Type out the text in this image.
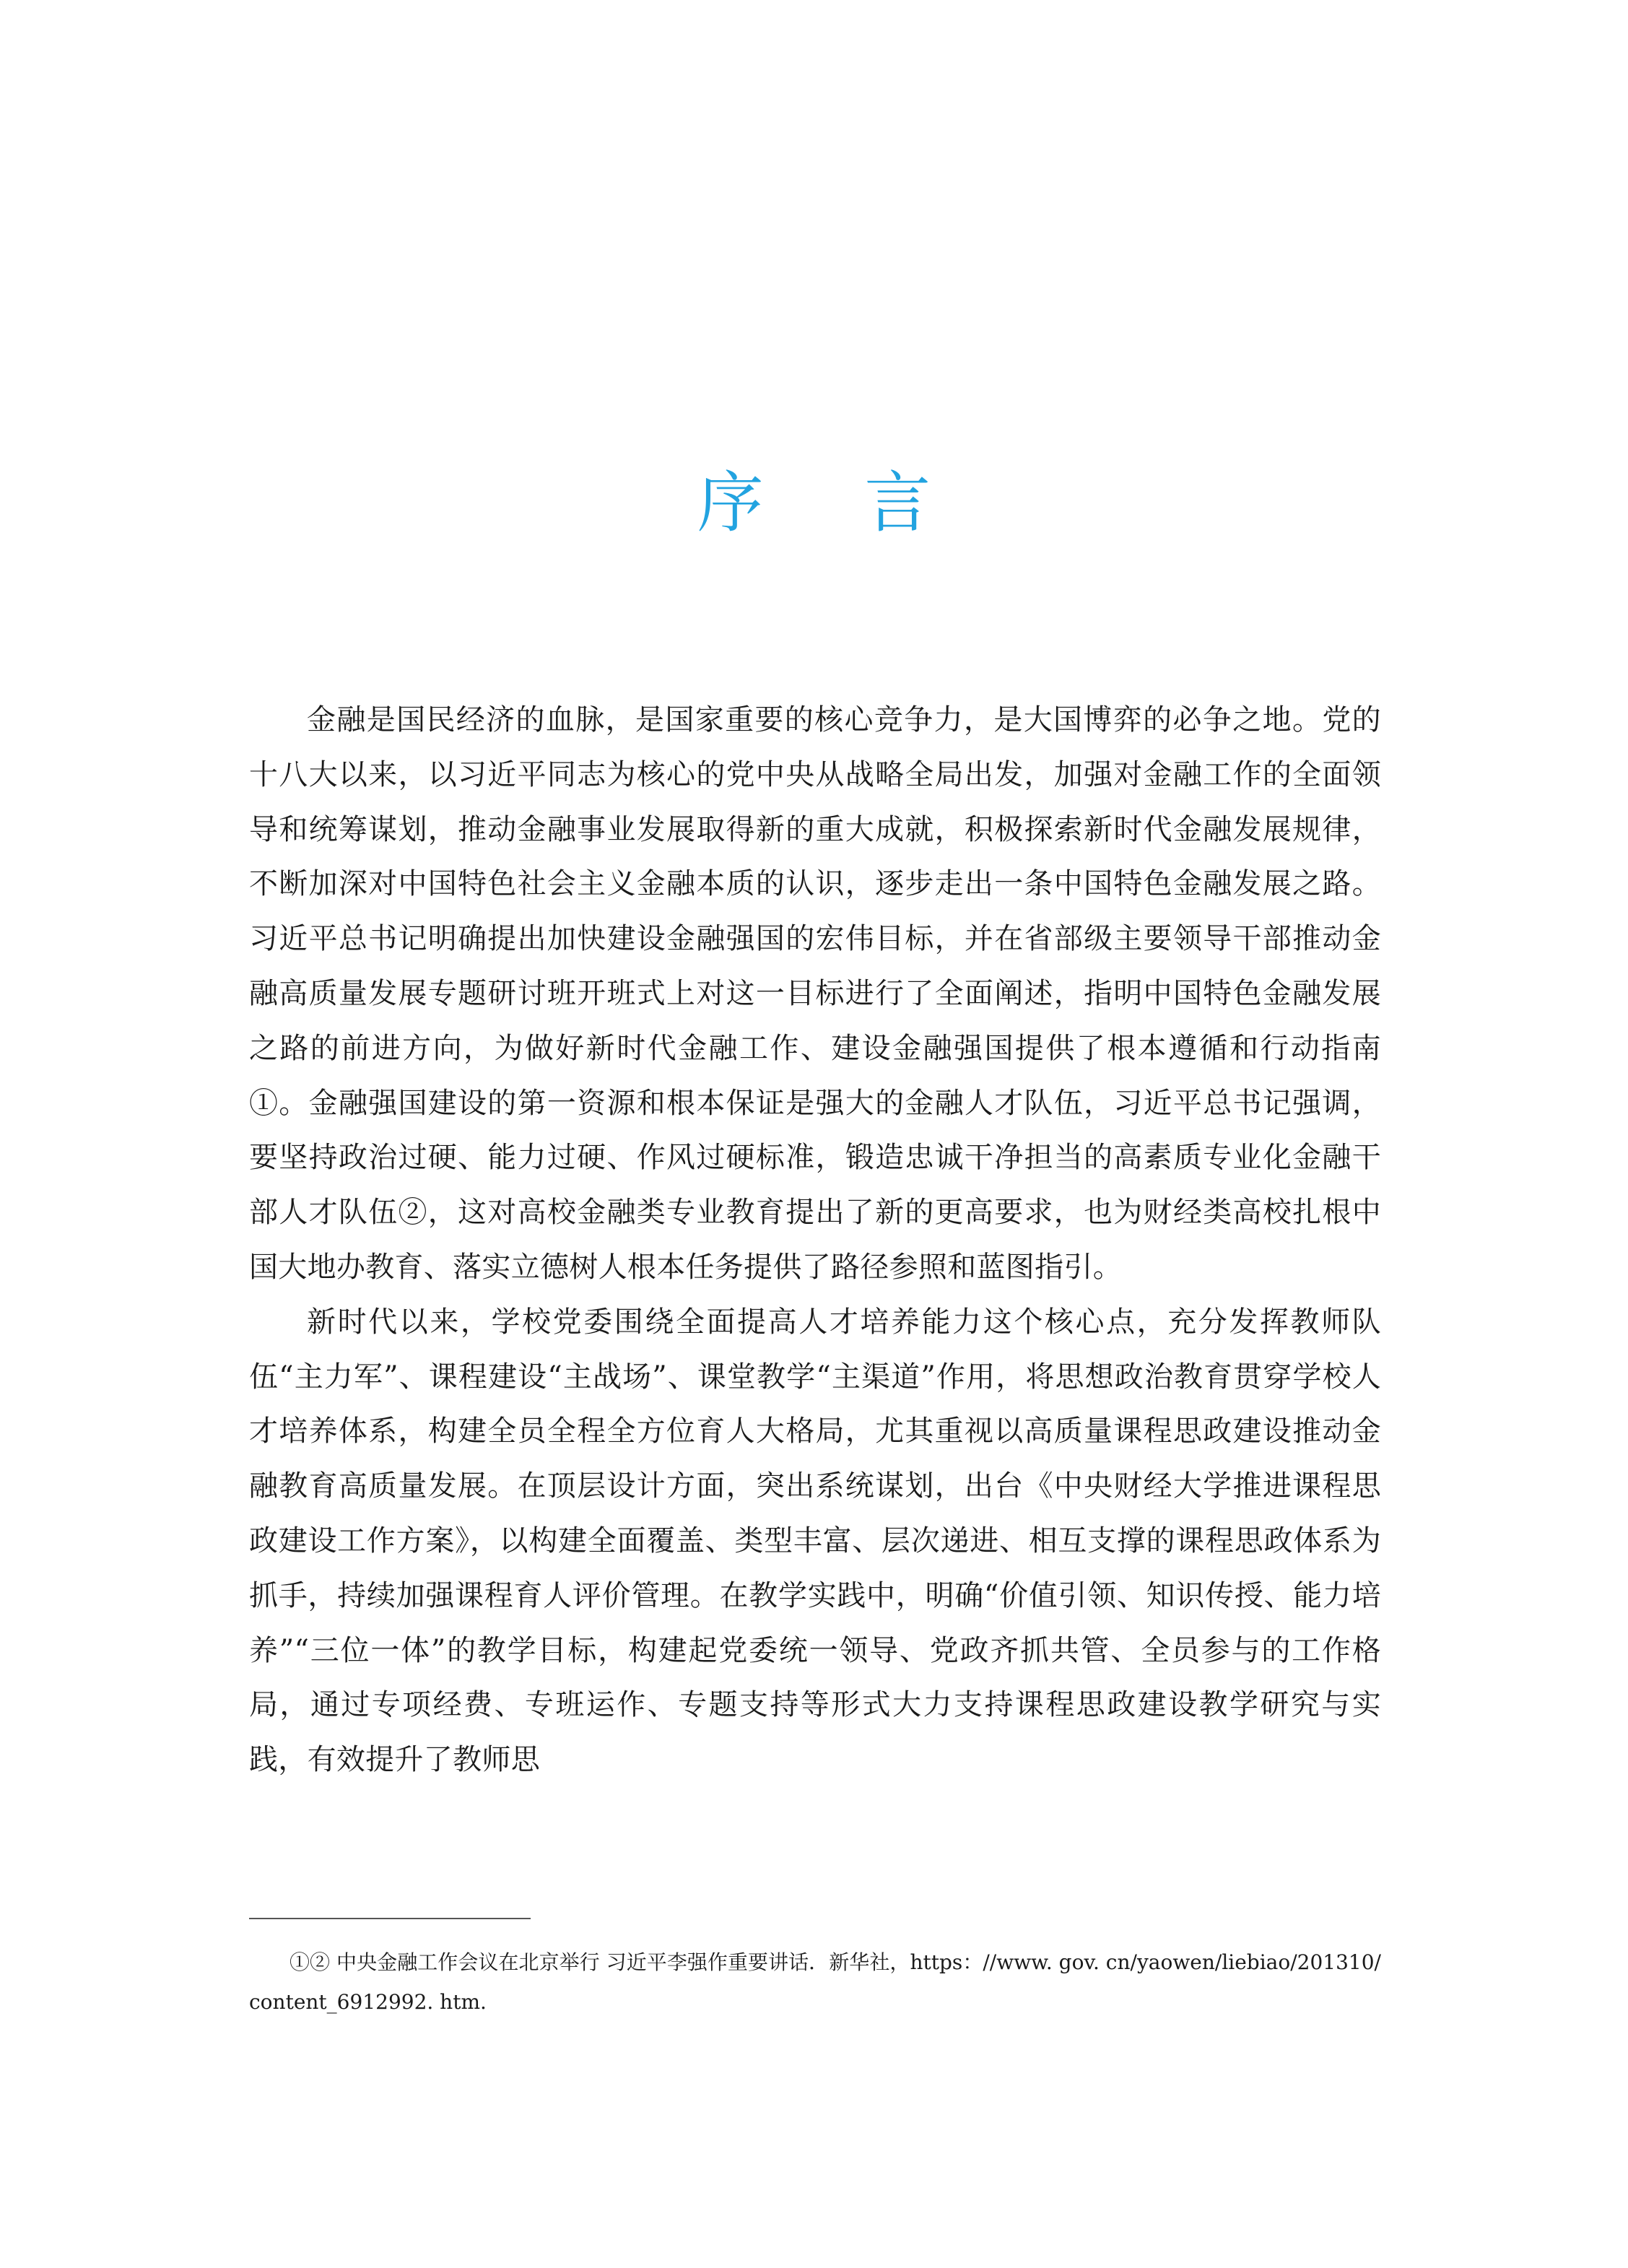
序 言

金融是国民经济的血脉，是国家重要的核心竞争力，是大国博弈的必争之地。党的十八大以来，以习近平同志为核心的党中央从战略全局出发，加强对金融工作的全面领导和统筹谋划，推动金融事业发展取得新的重大成就，积极探索新时代金融发展规律，不断加深对中国特色社会主义金融本质的认识，逐步走出一条中国特色金融发展之路。习近平总书记明确提出加快建设金融强国的宏伟目标，并在省部级主要领导干部推动金融高质量发展专题研讨班开班式上对这一目标进行了全面阐述，指明中国特色金融发展之路的前进方向，为做好新时代金融工作、建设金融强国提供了根本遵循和行动指南①。金融强国建设的第一资源和根本保证是强大的金融人才队伍，习近平总书记强调，要坚持政治过硬、能力过硬、作风过硬标准，锻造忠诚干净担当的高素质专业化金融干部人才队伍②，这对高校金融类专业教育提出了新的更高要求，也为财经类高校扎根中国大地办教育、落实立德树人根本任务提供了路径参照和蓝图指引。

新时代以来，学校党委围绕全面提高人才培养能力这个核心点，充分发挥教师队伍“主力军”、课程建设“主战场”、课堂教学“主渠道”作用，将思想政治教育贯穿学校人才培养体系，构建全员全程全方位育人大格局，尤其重视以高质量课程思政建设推动金融教育高质量发展。在顶层设计方面，突出系统谋划，出台《中央财经大学推进课程思政建设工作方案》，以构建全面覆盖、类型丰富、层次递进、相互支撑的课程思政体系为抓手，持续加强课程育人评价管理。在教学实践中，明确“价值引领、知识传授、能力培养”“三位一体”的教学目标，构建起党委统一领导、党政齐抓共管、全员参与的工作格局，通过专项经费、专班运作、专题支持等形式大力支持课程思政建设教学研究与实践，有效提升了教师思

①② 中央金融工作会议在北京举行 习近平李强作重要讲话．新华社，https：//www. gov. cn/yaowen/liebiao/201310/content_6912992. htm.
